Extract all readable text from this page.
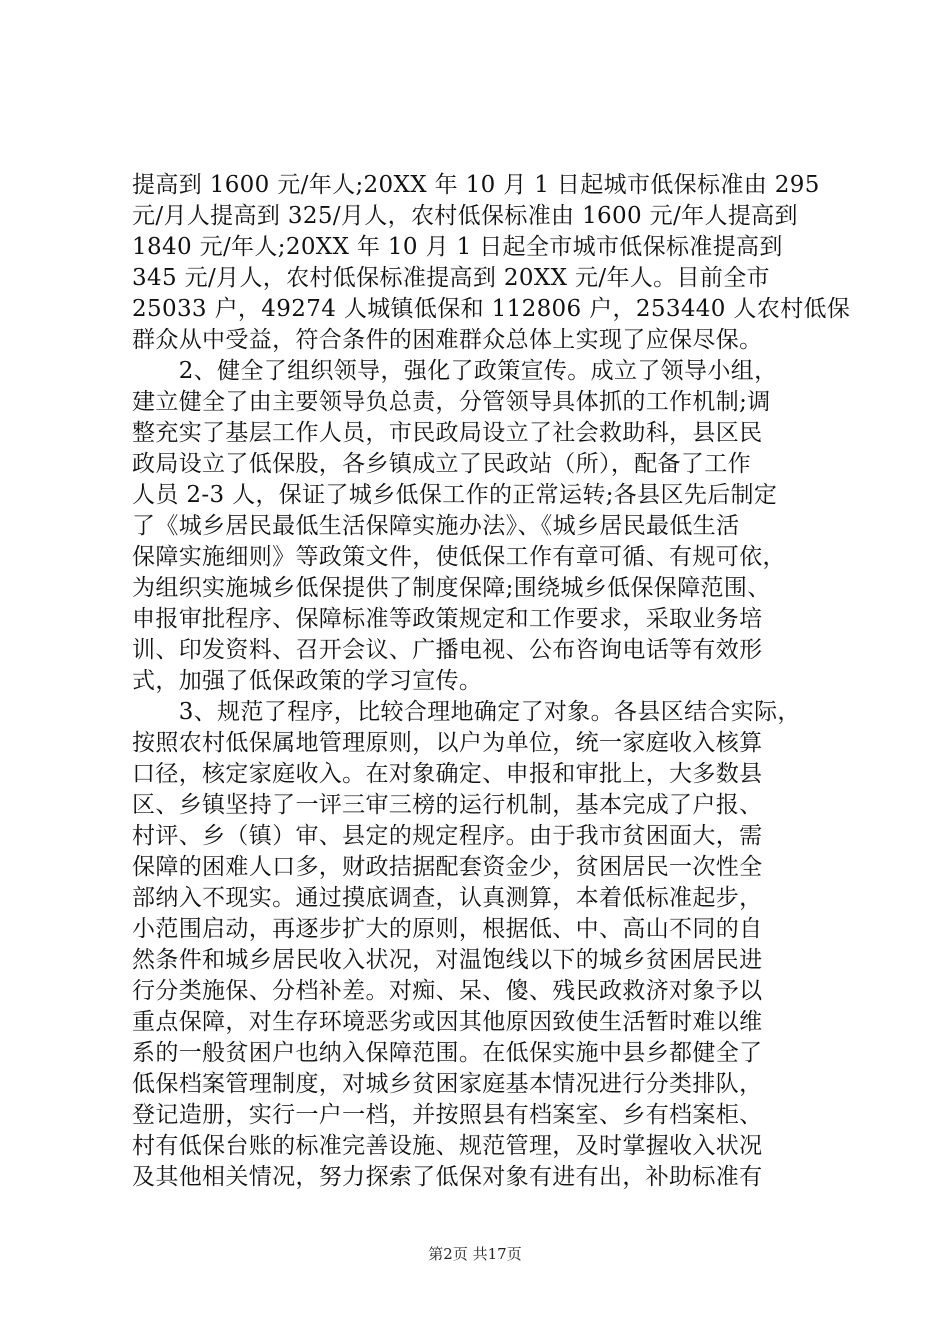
提高到 1600 元/年人;20XX 年 10 月 1 日起城市低保标准由 295
元/月人提高到 325/月人，农村低保标准由 1600 元/年人提高到
1840 元/年人;20XX 年 10 月 1 日起全市城市低保标准提高到
345 元/月人，农村低保标准提高到 20XX 元/年人。目前全市
25033 户，49274 人城镇低保和 112806 户，253440 人农村低保
群众从中受益，符合条件的困难群众总体上实现了应保尽保。
　　2、健全了组织领导，强化了政策宣传。成立了领导小组，
建立健全了由主要领导负总责，分管领导具体抓的工作机制;调
整充实了基层工作人员，市民政局设立了社会救助科，县区民
政局设立了低保股，各乡镇成立了民政站（所），配备了工作
人员 2-3 人，保证了城乡低保工作的正常运转;各县区先后制定
了《城乡居民最低生活保障实施办法》、《城乡居民最低生活
保障实施细则》等政策文件，使低保工作有章可循、有规可依，
为组织实施城乡低保提供了制度保障;围绕城乡低保保障范围、
申报审批程序、保障标准等政策规定和工作要求，采取业务培
训、印发资料、召开会议、广播电视、公布咨询电话等有效形
式，加强了低保政策的学习宣传。
　　3、规范了程序，比较合理地确定了对象。各县区结合实际，
按照农村低保属地管理原则，以户为单位，统一家庭收入核算
口径，核定家庭收入。在对象确定、申报和审批上，大多数县
区、乡镇坚持了一评三审三榜的运行机制，基本完成了户报、
村评、乡（镇）审、县定的规定程序。由于我市贫困面大，需
保障的困难人口多，财政拮据配套资金少，贫困居民一次性全
部纳入不现实。通过摸底调查，认真测算，本着低标准起步，
小范围启动，再逐步扩大的原则，根据低、中、高山不同的自
然条件和城乡居民收入状况，对温饱线以下的城乡贫困居民进
行分类施保、分档补差。对痴、呆、傻、残民政救济对象予以
重点保障，对生存环境恶劣或因其他原因致使生活暂时难以维
系的一般贫困户也纳入保障范围。在低保实施中县乡都健全了
低保档案管理制度，对城乡贫困家庭基本情况进行分类排队，
登记造册，实行一户一档，并按照县有档案室、乡有档案柜、
村有低保台账的标准完善设施、规范管理，及时掌握收入状况
及其他相关情况，努力探索了低保对象有进有出，补助标准有
第2页 共17页
